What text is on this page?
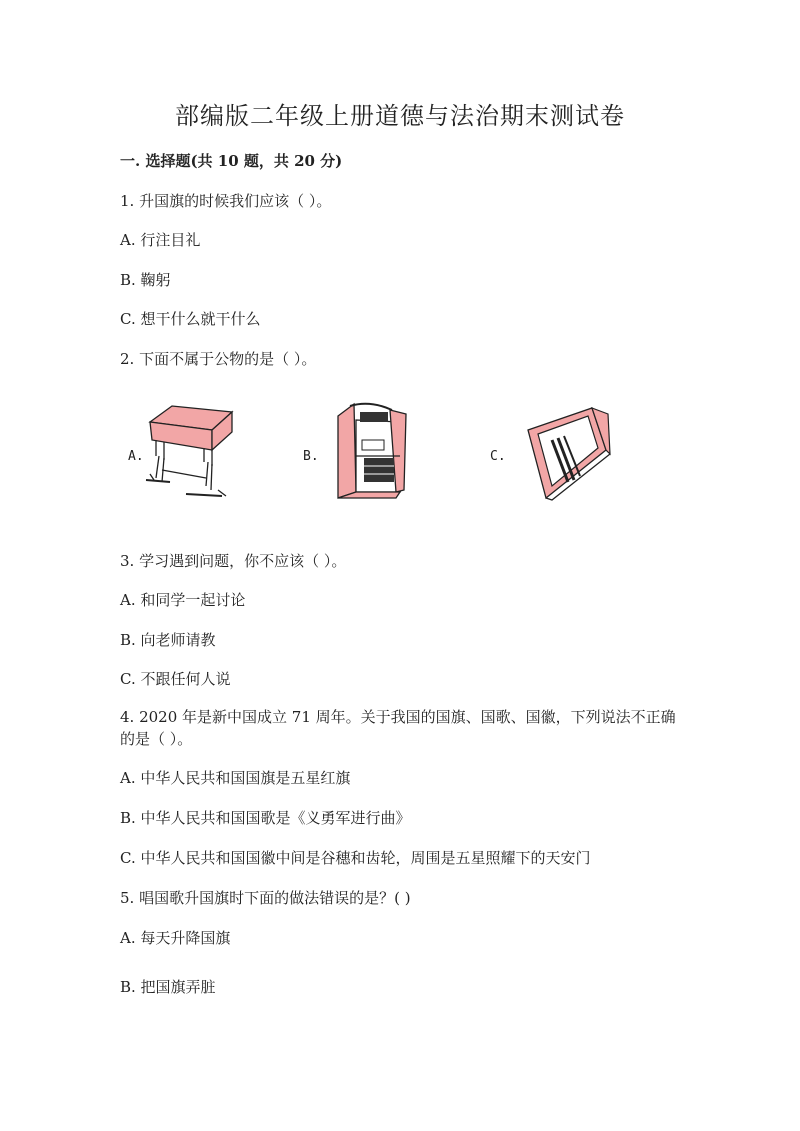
部编版二年级上册道德与法治期末测试卷
一. 选择题(共 10 题，共 20 分)
1. 升国旗的时候我们应该（ ）。
A. 行注目礼
B. 鞠躬
C. 想干什么就干什么
2. 下面不属于公物的是（ ）。
A.	B.	C.
3. 学习遇到问题，你不应该（ ）。
A. 和同学一起讨论
B. 向老师请教
C. 不跟任何人说
4. 2020 年是新中国成立 71 周年。关于我国的国旗、国歌、国徽，下列说法不正确的是（ ）。
A. 中华人民共和国国旗是五星红旗
B. 中华人民共和国国歌是《义勇军进行曲》
C. 中华人民共和国国徽中间是谷穗和齿轮，周围是五星照耀下的天安门
5. 唱国歌升国旗时下面的做法错误的是？( )
A. 每天升降国旗
B. 把国旗弄脏
